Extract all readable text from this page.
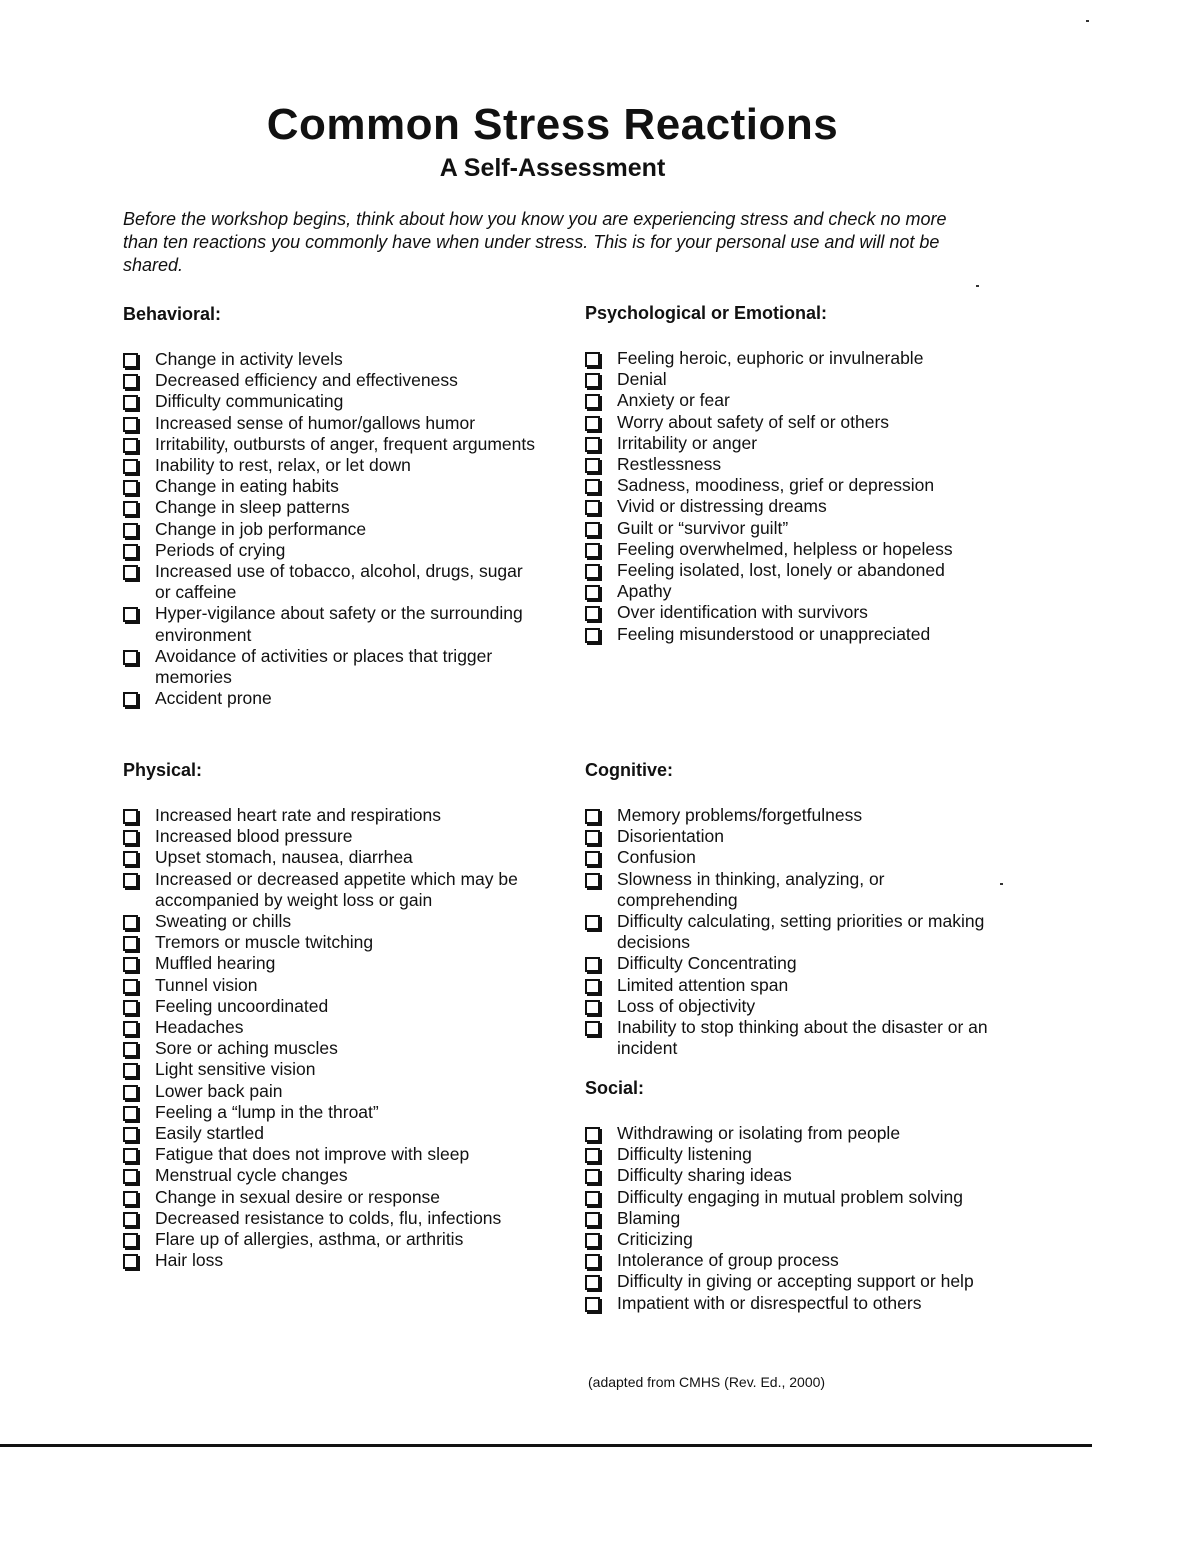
Common Stress Reactions
A Self-Assessment
Before the workshop begins, think about how you know you are experiencing stress and check no more than ten reactions you commonly have when under stress. This is for your personal use and will not be shared.
Behavioral:
Change in activity levels
Decreased efficiency and effectiveness
Difficulty communicating
Increased sense of humor/gallows humor
Irritability, outbursts of anger, frequent arguments
Inability to rest, relax, or let down
Change in eating habits
Change in sleep patterns
Change in job performance
Periods of crying
Increased use of tobacco, alcohol, drugs, sugar or caffeine
Hyper-vigilance about safety or the surrounding environment
Avoidance of activities or places that trigger memories
Accident prone
Psychological or Emotional:
Feeling heroic, euphoric or invulnerable
Denial
Anxiety or fear
Worry about safety of self or others
Irritability or anger
Restlessness
Sadness, moodiness, grief or depression
Vivid or distressing dreams
Guilt or “survivor guilt”
Feeling overwhelmed, helpless or hopeless
Feeling isolated, lost, lonely or abandoned
Apathy
Over identification with survivors
Feeling misunderstood or unappreciated
Physical:
Increased heart rate and respirations
Increased blood pressure
Upset stomach, nausea, diarrhea
Increased or decreased appetite which may be accompanied by weight loss or gain
Sweating or chills
Tremors or muscle twitching
Muffled hearing
Tunnel vision
Feeling uncoordinated
Headaches
Sore or aching muscles
Light sensitive vision
Lower back pain
Feeling a “lump in the throat”
Easily startled
Fatigue that does not improve with sleep
Menstrual cycle changes
Change in sexual desire or response
Decreased resistance to colds, flu, infections
Flare up of allergies, asthma, or arthritis
Hair loss
Cognitive:
Memory problems/forgetfulness
Disorientation
Confusion
Slowness in thinking, analyzing, or comprehending
Difficulty calculating, setting priorities or making decisions
Difficulty Concentrating
Limited attention span
Loss of objectivity
Inability to stop thinking about the disaster or an incident
Social:
Withdrawing or isolating from people
Difficulty listening
Difficulty sharing ideas
Difficulty engaging in mutual problem solving
Blaming
Criticizing
Intolerance of group process
Difficulty in giving or accepting support or help
Impatient with or disrespectful to others
(adapted from CMHS (Rev. Ed., 2000)
